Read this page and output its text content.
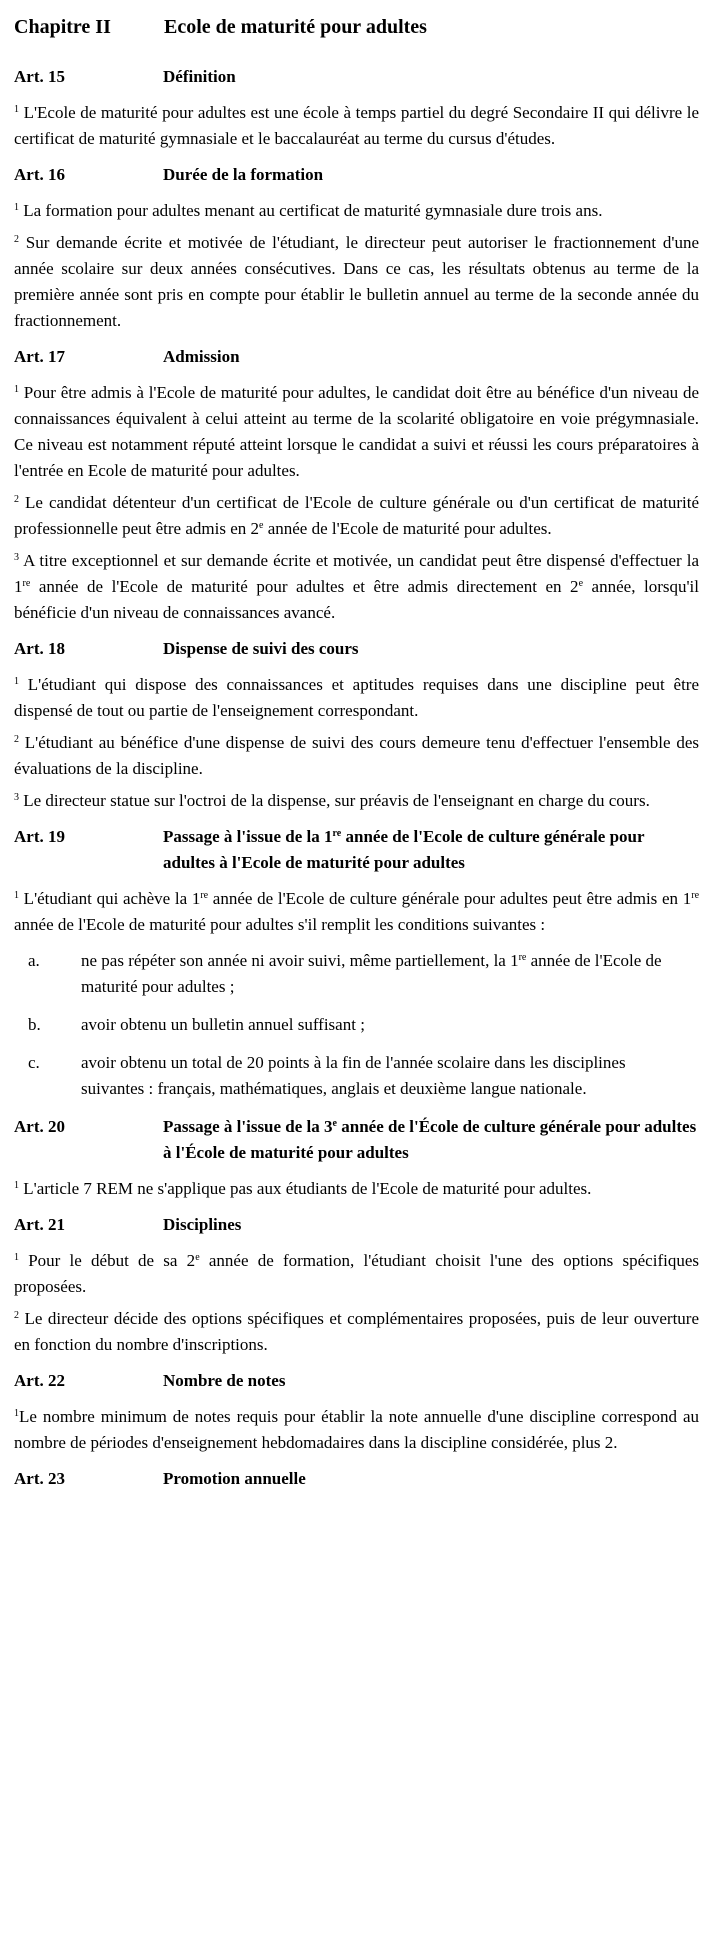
Chapitre II	Ecole de maturité pour adultes
Art. 15	Définition

$^1$ L'Ecole de maturité pour adultes est une école à temps partiel du degré Secondaire II qui délivre le certificat de maturité gymnasiale et le baccalauréat au terme du cursus d'études.

Art. 16	Durée de la formation

$^1$ La formation pour adultes menant au certificat de maturité gymnasiale dure trois ans.

$^2$ Sur demande écrite et motivée de l'étudiant, le directeur peut autoriser le fractionnement d'une année scolaire sur deux années consécutives. Dans ce cas, les résultats obtenus au terme de la première année sont pris en compte pour établir le bulletin annuel au terme de la seconde année du fractionnement.

Art. 17	Admission

$^1$ Pour être admis à l'Ecole de maturité pour adultes, le candidat doit être au bénéfice d'un niveau de connaissances équivalent à celui atteint au terme de la scolarité obligatoire en voie prégymnasiale. Ce niveau est notamment réputé atteint lorsque le candidat a suivi et réussi les cours préparatoires à l'entrée en Ecole de maturité pour adultes.

$^2$ Le candidat détenteur d'un certificat de l'Ecole de culture générale ou d'un certificat de maturité professionnelle peut être admis en 2e année de l'Ecole de maturité pour adultes.

$^3$ A titre exceptionnel et sur demande écrite et motivée, un candidat peut être dispensé d'effectuer la 1re année de l'Ecole de maturité pour adultes et être admis directement en 2e année, lorsqu'il bénéficie d'un niveau de connaissances avancé.

Art. 18	Dispense de suivi des cours

$^1$ L'étudiant qui dispose des connaissances et aptitudes requises dans une discipline peut être dispensé de tout ou partie de l'enseignement correspondant.

$^2$ L'étudiant au bénéfice d'une dispense de suivi des cours demeure tenu d'effectuer l'ensemble des évaluations de la discipline.

$^3$ Le directeur statue sur l'octroi de la dispense, sur préavis de l'enseignant en charge du cours.

Art. 19	Passage à l'issue de la 1re année de l'Ecole de culture générale pour adultes à l'Ecole de maturité pour adultes

$^1$ L'étudiant qui achève la 1re année de l'Ecole de culture générale pour adultes peut être admis en 1re année de l'Ecole de maturité pour adultes s'il remplit les conditions suivantes :

a.	ne pas répéter son année ni avoir suivi, même partiellement, la 1re année de l'Ecole de maturité pour adultes ;
b.	avoir obtenu un bulletin annuel suffisant ;
c.	avoir obtenu un total de 20 points à la fin de l'année scolaire dans les disciplines suivantes : français, mathématiques, anglais et deuxième langue nationale.
Art. 20	Passage à l'issue de la 3e année de l'École de culture générale pour adultes à l'École de maturité pour adultes

$^1$ L'article 7 REM ne s'applique pas aux étudiants de l'Ecole de maturité pour adultes.

Art. 21	Disciplines

$^1$ Pour le début de sa 2e année de formation, l'étudiant choisit l'une des options spécifiques proposées.

$^2$ Le directeur décide des options spécifiques et complémentaires proposées, puis de leur ouverture en fonction du nombre d'inscriptions.

Art. 22	Nombre de notes

$^1$Le nombre minimum de notes requis pour établir la note annuelle d'une discipline correspond au nombre de périodes d'enseignement hebdomadaires dans la discipline considérée, plus 2.

Art. 23	Promotion annuelle
